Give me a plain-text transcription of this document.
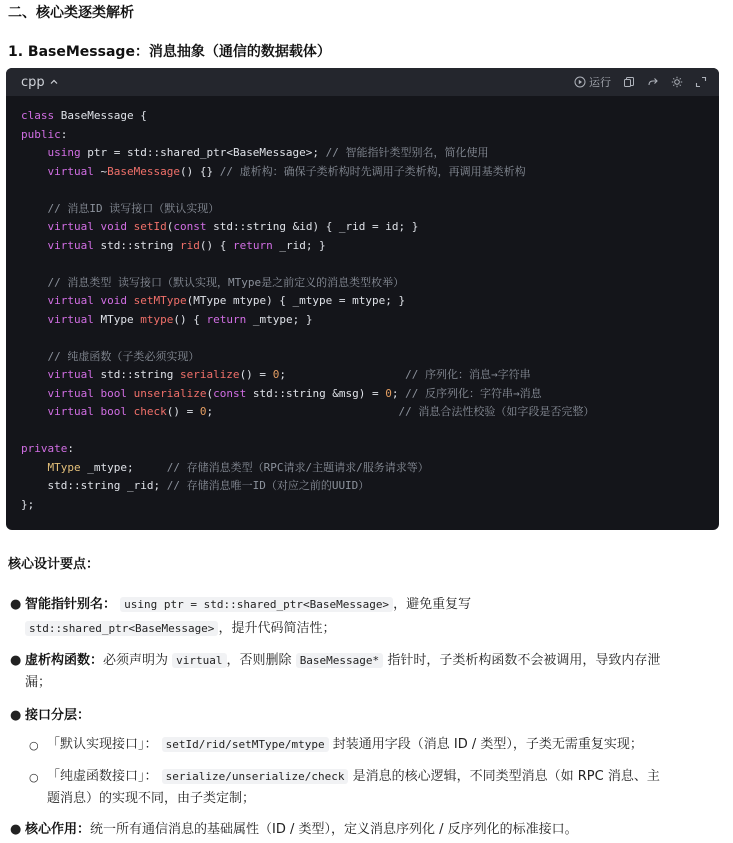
二、核心类逐类解析
1. BaseMessage：消息抽象（通信的数据载体）
cpp	运行
class BaseMessage {
public:
using ptr = std::shared_ptr<BaseMessage>; // 智能指针类型别名，简化使用
virtual ~BaseMessage() {} // 虚析构：确保子类析构时先调用子类析构，再调用基类析构
// 消息ID 读写接口（默认实现）
virtual void setId(const std::string &id) { _rid = id; }
virtual std::string rid() { return _rid; }
// 消息类型 读写接口（默认实现，MType是之前定义的消息类型枚举）
virtual void setMType(MType mtype) { _mtype = mtype; }
virtual MType mtype() { return _mtype; }
// 纯虚函数（子类必须实现）
virtual std::string serialize() = 0;                  // 序列化：消息→字符串
virtual bool unserialize(const std::string &msg) = 0; // 反序列化：字符串→消息
virtual bool check() = 0;                            // 消息合法性校验（如字段是否完整）
private:
MType _mtype;     // 存储消息类型（RPC请求/主题请求/服务请求等）
std::string _rid; // 存储消息唯一ID（对应之前的UUID）
};
核心设计要点：
● 智能指针别名： using ptr = std::shared_ptr<BaseMessage> ，避免重复写
std::shared_ptr<BaseMessage> ，提升代码简洁性；
● 虚析构函数：必须声明为 virtual ，否则删除 BaseMessage* 指针时，子类析构函数不会被调用，导致内存泄
漏；
● 接口分层：
○ 「默认实现接口」： setId/rid/setMType/mtype 封装通用字段（消息 ID / 类型），子类无需重复实现；
○ 「纯虚函数接口」： serialize/unserialize/check 是消息的核心逻辑，不同类型消息（如 RPC 消息、主
题消息）的实现不同，由子类定制；
● 核心作用：统一所有通信消息的基础属性（ID / 类型），定义消息序列化 / 反序列化的标准接口。
